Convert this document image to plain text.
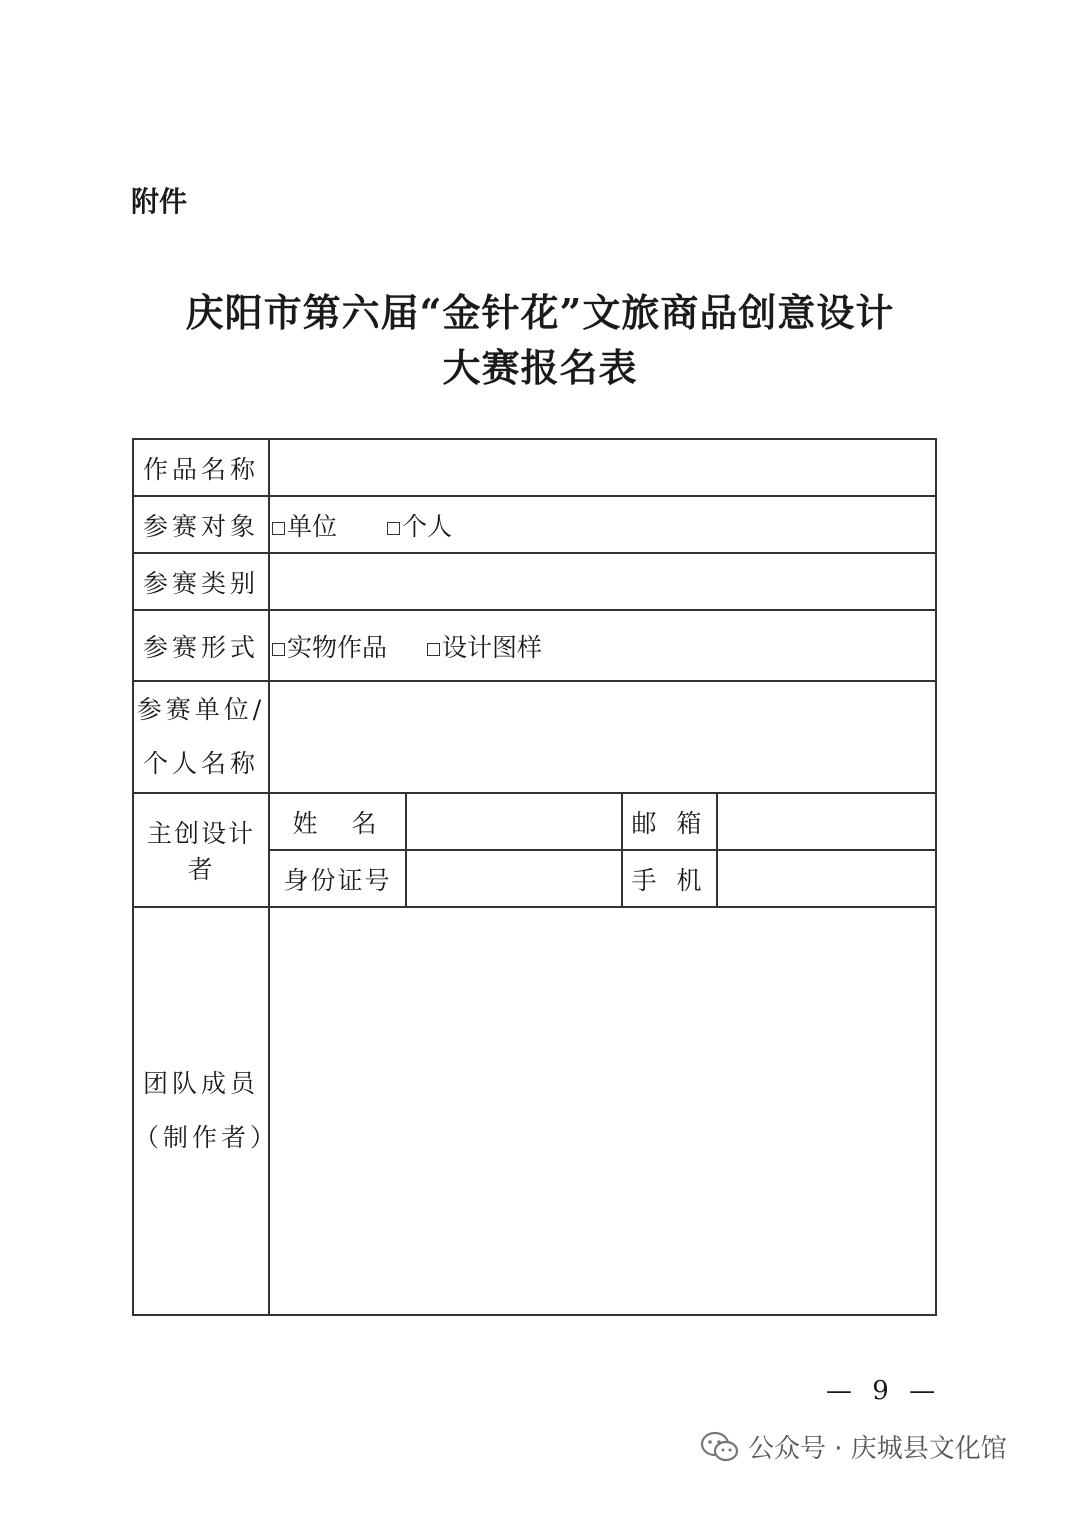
附件
庆阳市第六届“金针花”文旅商品创意设计
大赛报名表
作品名称				
参赛对象	单位 个人			
参赛类别				
参赛形式	实物作品 设计图样			
参赛单位/
个人名称				
主创设计者	姓  名		邮 箱	
	身份证号		手 机	
团队成员
（制作者）				
— 9 —
公众号 · 庆城县文化馆
